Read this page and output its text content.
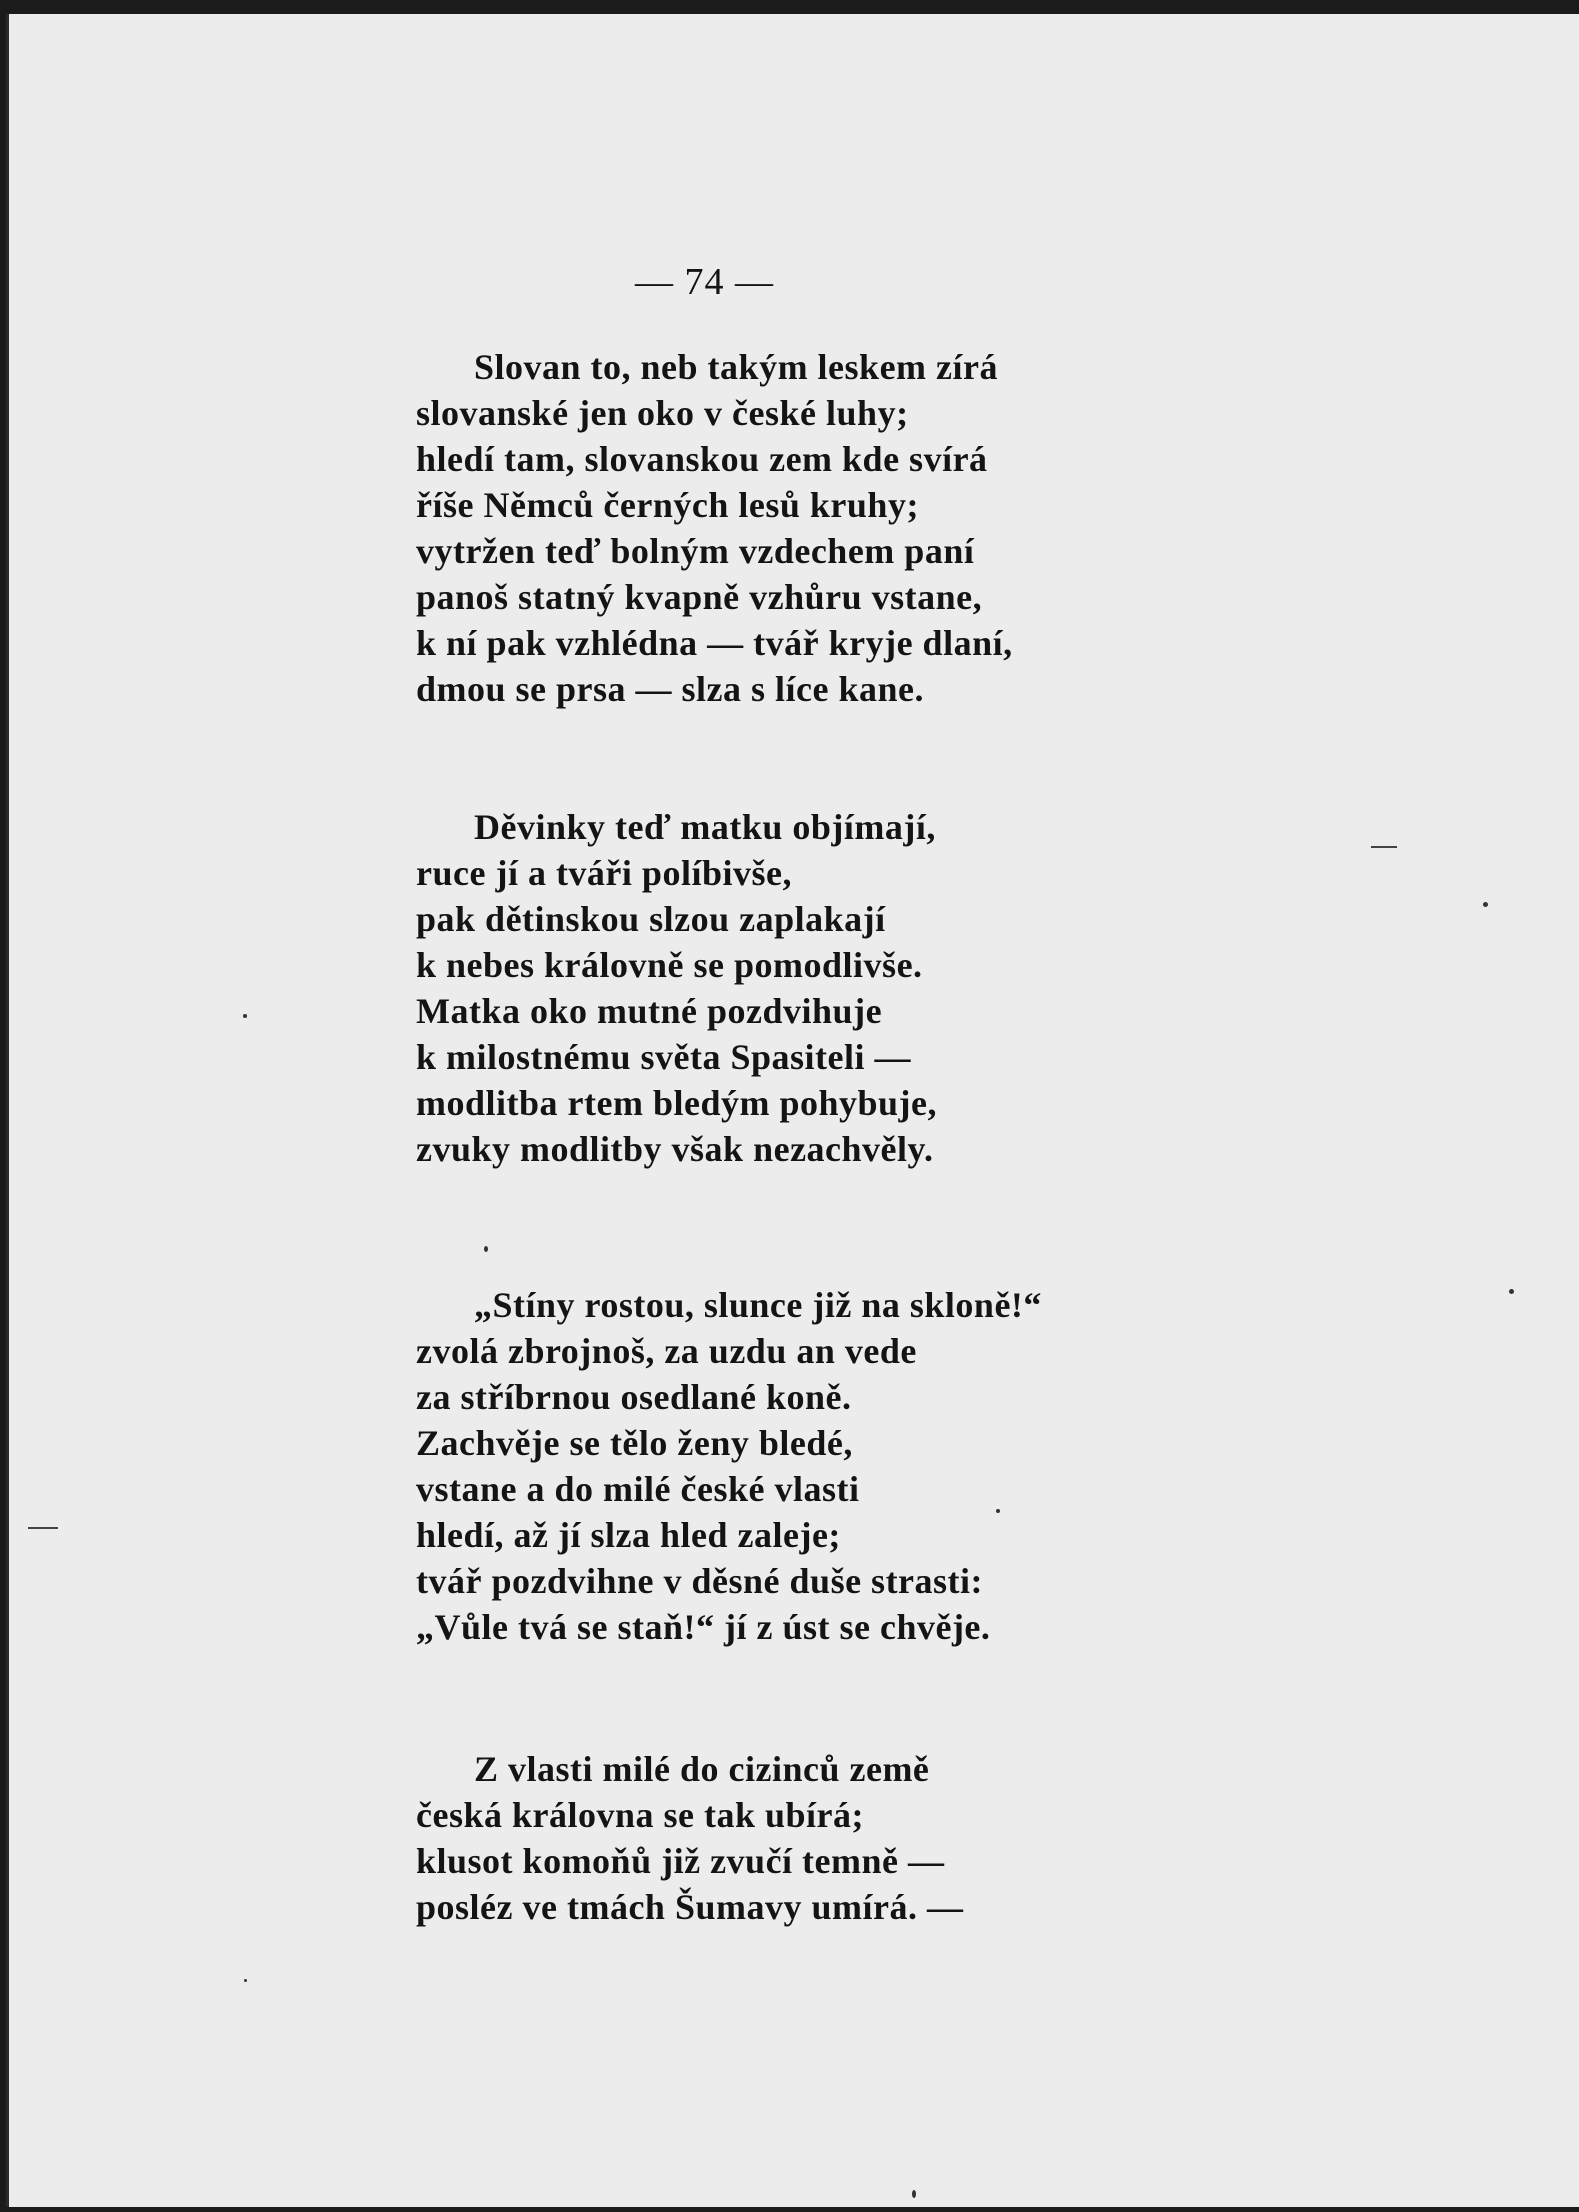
— 74 —
Slovan to, neb takým leskem zírá
slovanské jen oko v české luhy;
hledí tam, slovanskou zem kde svírá
říše Němců černých lesů kruhy;
vytržen teď bolným vzdechem paní
panoš statný kvapně vzhůru vstane,
k ní pak vzhlédna — tvář kryje dlaní,
dmou se prsa — slza s líce kane.
Děvinky teď matku objímají,
ruce jí a tváři políbivše,
pak dětinskou slzou zaplakají
k nebes královně se pomodlivše.
Matka oko mutné pozdvihuje
k milostnému světa Spasiteli —
modlitba rtem bledým pohybuje,
zvuky modlitby však nezachvěly.
„Stíny rostou, slunce již na skloně!“
zvolá zbrojnoš, za uzdu an vede
za stříbrnou osedlané koně.
Zachvěje se tělo ženy bledé,
vstane a do milé české vlasti
hledí, až jí slza hled zaleje;
tvář pozdvihne v děsné duše strasti:
„Vůle tvá se staň!“ jí z úst se chvěje.
Z vlasti milé do cizinců země
česká královna se tak ubírá;
klusot komoňů již zvučí temně —
posléz ve tmách Šumavy umírá. —
